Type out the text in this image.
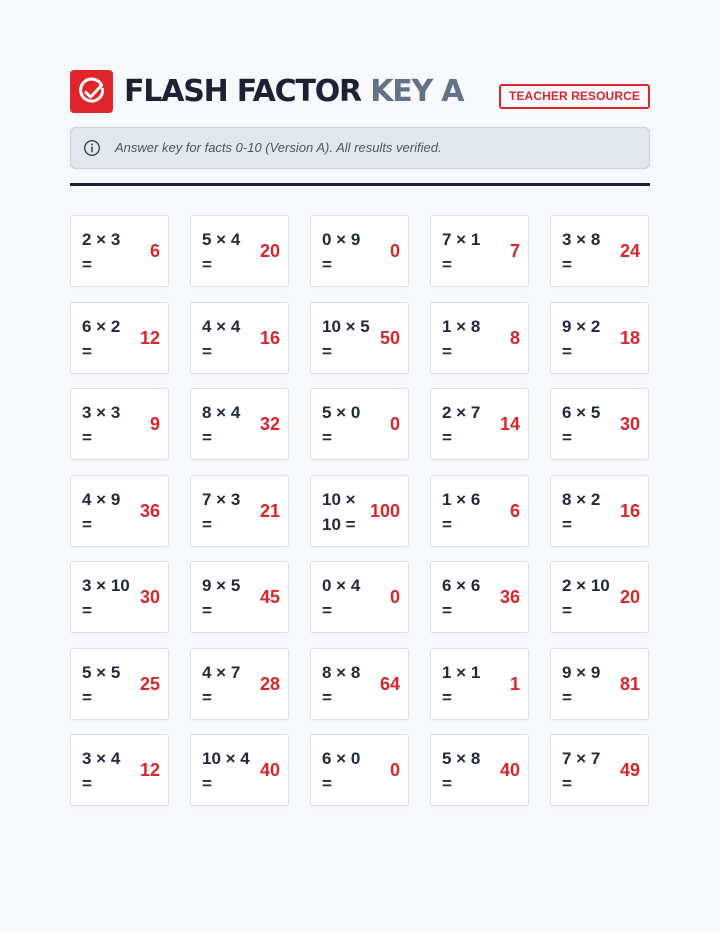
FLASH FACTOR KEY A	TEACHER RESOURCE
Answer key for facts 0-10 (Version A). All results verified.
2 × 3 =
6
5 × 4 =
20
0 × 9 =
0
7 × 1 =
7
3 × 8 =
24
6 × 2 =
12
4 × 4 =
16
10 × 5 =
50
1 × 8 =
8
9 × 2 =
18
3 × 3 =
9
8 × 4 =
32
5 × 0 =
0
2 × 7 =
14
6 × 5 =
30
4 × 9 =
36
7 × 3 =
21
10 × 10 =
100
1 × 6 =
6
8 × 2 =
16
3 × 10 =
30
9 × 5 =
45
0 × 4 =
0
6 × 6 =
36
2 × 10 =
20
5 × 5 =
25
4 × 7 =
28
8 × 8 =
64
1 × 1 =
1
9 × 9 =
81
3 × 4 =
12
10 × 4 =
40
6 × 0 =
0
5 × 8 =
40
7 × 7 =
49
